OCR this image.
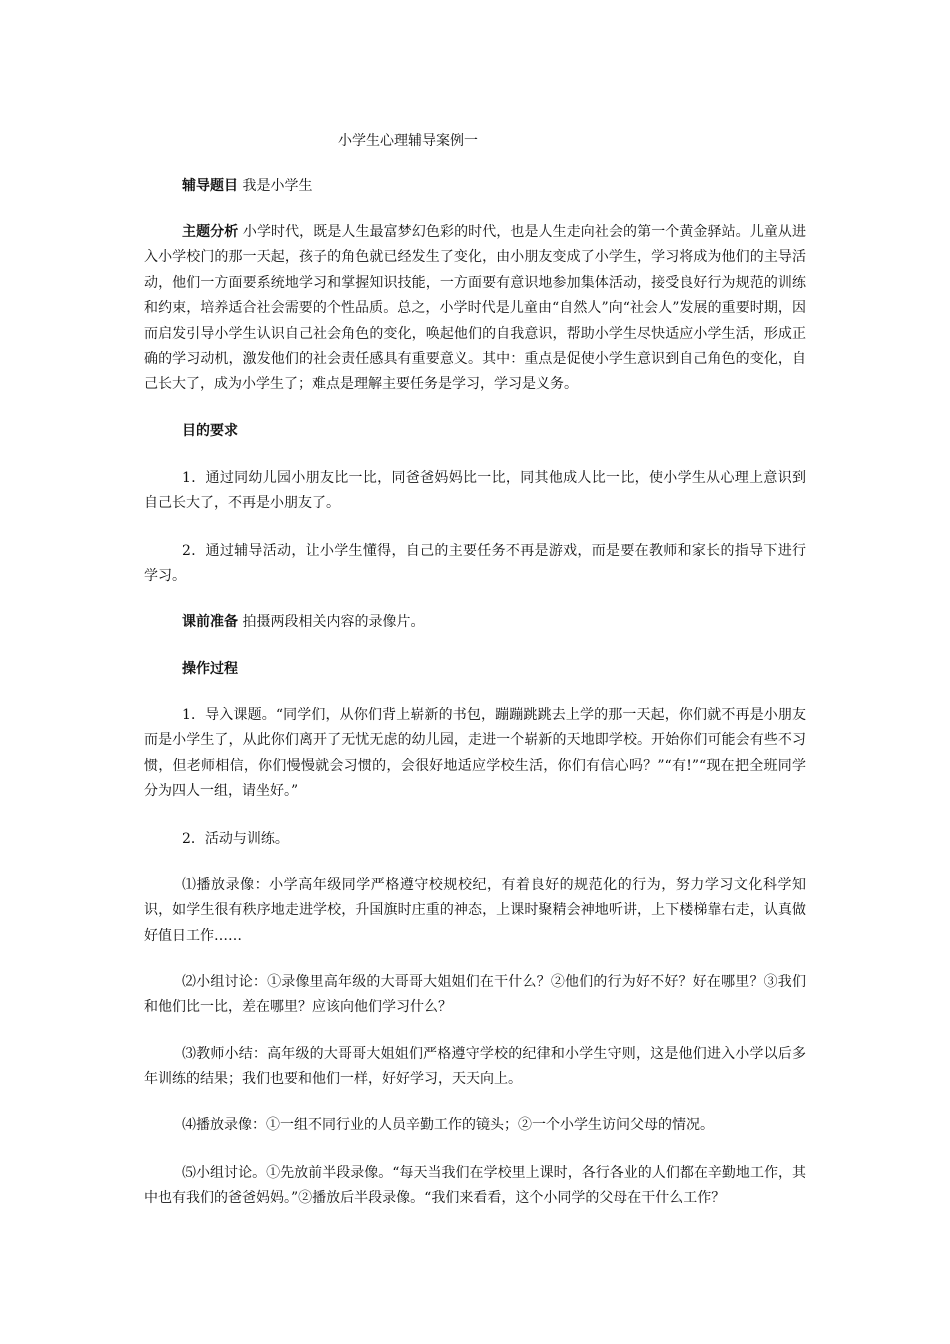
小学生心理辅导案例一
辅导题目 我是小学生
主题分析 小学时代，既是人生最富梦幻色彩的时代，也是人生走向社会的第一个黄金驿站。儿童从进入小学校门的那一天起，孩子的角色就已经发生了变化，由小朋友变成了小学生，学习将成为他们的主导活动，他们一方面要系统地学习和掌握知识技能，一方面要有意识地参加集体活动，接受良好行为规范的训练和约束，培养适合社会需要的个性品质。总之，小学时代是儿童由“自然人”向“社会人”发展的重要时期，因而启发引导小学生认识自己社会角色的变化，唤起他们的自我意识，帮助小学生尽快适应小学生活，形成正确的学习动机，激发他们的社会责任感具有重要意义。其中：重点是促使小学生意识到自己角色的变化，自己长大了，成为小学生了；难点是理解主要任务是学习，学习是义务。
目的要求
1．通过同幼儿园小朋友比一比，同爸爸妈妈比一比，同其他成人比一比，使小学生从心理上意识到自己长大了，不再是小朋友了。
2．通过辅导活动，让小学生懂得，自己的主要任务不再是游戏，而是要在教师和家长的指导下进行学习。
课前准备 拍摄两段相关内容的录像片。
操作过程
1．导入课题。“同学们，从你们背上崭新的书包，蹦蹦跳跳去上学的那一天起，你们就不再是小朋友而是小学生了，从此你们离开了无忧无虑的幼儿园，走进一个崭新的天地即学校。开始你们可能会有些不习惯，但老师相信，你们慢慢就会习惯的，会很好地适应学校生活，你们有信心吗？”“有!”“现在把全班同学分为四人一组，请坐好。”
2．活动与训练。
⑴播放录像：小学高年级同学严格遵守校规校纪，有着良好的规范化的行为，努力学习文化科学知识，如学生很有秩序地走进学校，升国旗时庄重的神态，上课时聚精会神地听讲，上下楼梯靠右走，认真做好值日工作……
⑵小组讨论：①录像里高年级的大哥哥大姐姐们在干什么？②他们的行为好不好？好在哪里？③我们和他们比一比，差在哪里？应该向他们学习什么？
⑶教师小结：高年级的大哥哥大姐姐们严格遵守学校的纪律和小学生守则，这是他们进入小学以后多年训练的结果；我们也要和他们一样，好好学习，天天向上。
⑷播放录像：①一组不同行业的人员辛勤工作的镜头；②一个小学生访问父母的情况。
⑸小组讨论。①先放前半段录像。“每天当我们在学校里上课时，各行各业的人们都在辛勤地工作，其中也有我们的爸爸妈妈。”②播放后半段录像。“我们来看看，这个小同学的父母在干什么工作？
